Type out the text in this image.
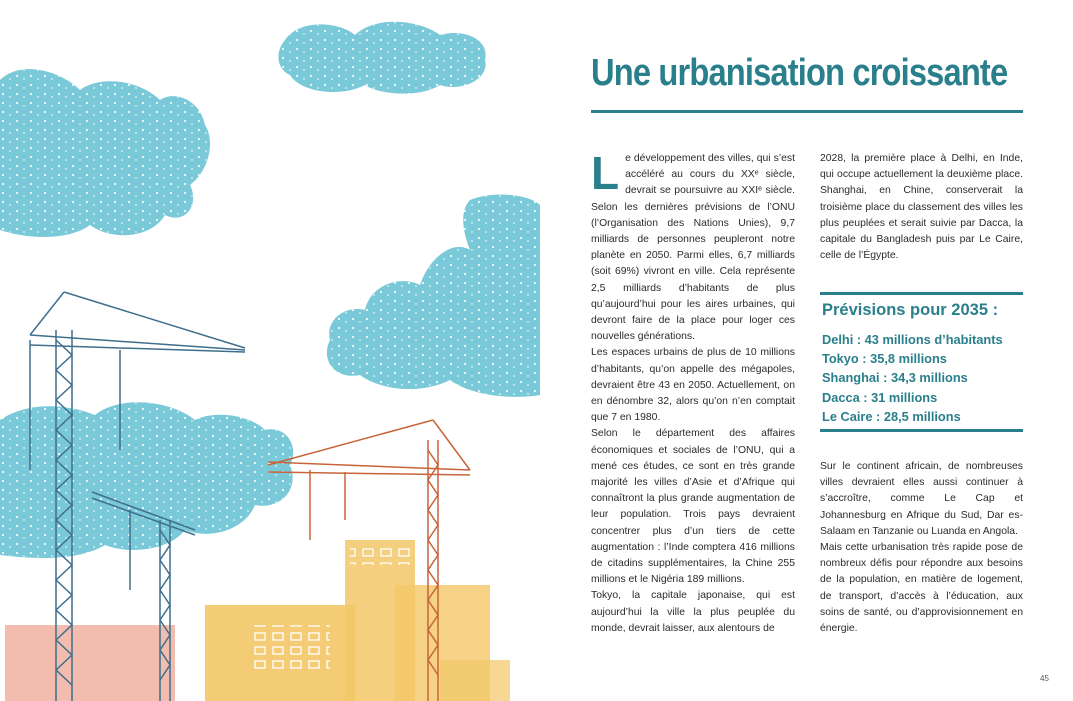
Une urbanisation croissante
L e développement des villes, qui s’est accéléré au cours du XXᵉ siècle, devrait se poursuivre au XXIᵉ siècle. Selon les dernières prévisions de l’ONU (l’Organisation des Nations Unies), 9,7 milliards de personnes peupleront notre planète en 2050. Parmi elles, 6,7 milliards (soit 69%) vivront en ville. Cela représente 2,5 milliards d’habitants de plus qu’aujourd’hui pour les aires urbaines, qui devront faire de la place pour loger ces nouvelles générations.

Les espaces urbains de plus de 10 millions d’habitants, qu’on appelle des mégapoles, devraient être 43 en 2050. Actuellement, on en dénombre 32, alors qu’on n’en comptait que 7 en 1980.

Selon le département des affaires économiques et sociales de l’ONU, qui a mené ces études, ce sont en très grande majorité les villes d’Asie et d’Afrique qui connaîtront la plus grande augmentation de leur population. Trois pays devraient concentrer plus d’un tiers de cette augmentation : l’Inde comptera 416 millions de citadins supplémentaires, la Chine 255 millions et le Nigéria 189 millions.

Tokyo, la capitale japonaise, qui est aujourd’hui la ville la plus peuplée du monde, devrait laisser, aux alentours de

2028, la première place à Delhi, en Inde, qui occupe actuellement la deuxième place. Shanghai, en Chine, conserverait la troisième place du classement des villes les plus peuplées et serait suivie par Dacca, la capitale du Bangladesh puis par Le Caire, celle de l’Égypte.

Prévisions pour 2035 :
Delhi : 43 millions d’habitants
Tokyo : 35,8 millions
Shanghai : 34,3 millions
Dacca : 31 millions
Le Caire : 28,5 millions

Sur le continent africain, de nombreuses villes devraient elles aussi continuer à s’accroître, comme Le Cap et Johannesburg en Afrique du Sud, Dar es-Salaam en Tanzanie ou Luanda en Angola.

Mais cette urbanisation très rapide pose de nombreux défis pour répondre aux besoins de la population, en matière de logement, de transport, d’accès à l’éducation, aux soins de santé, ou d’approvisionnement en énergie.

45
